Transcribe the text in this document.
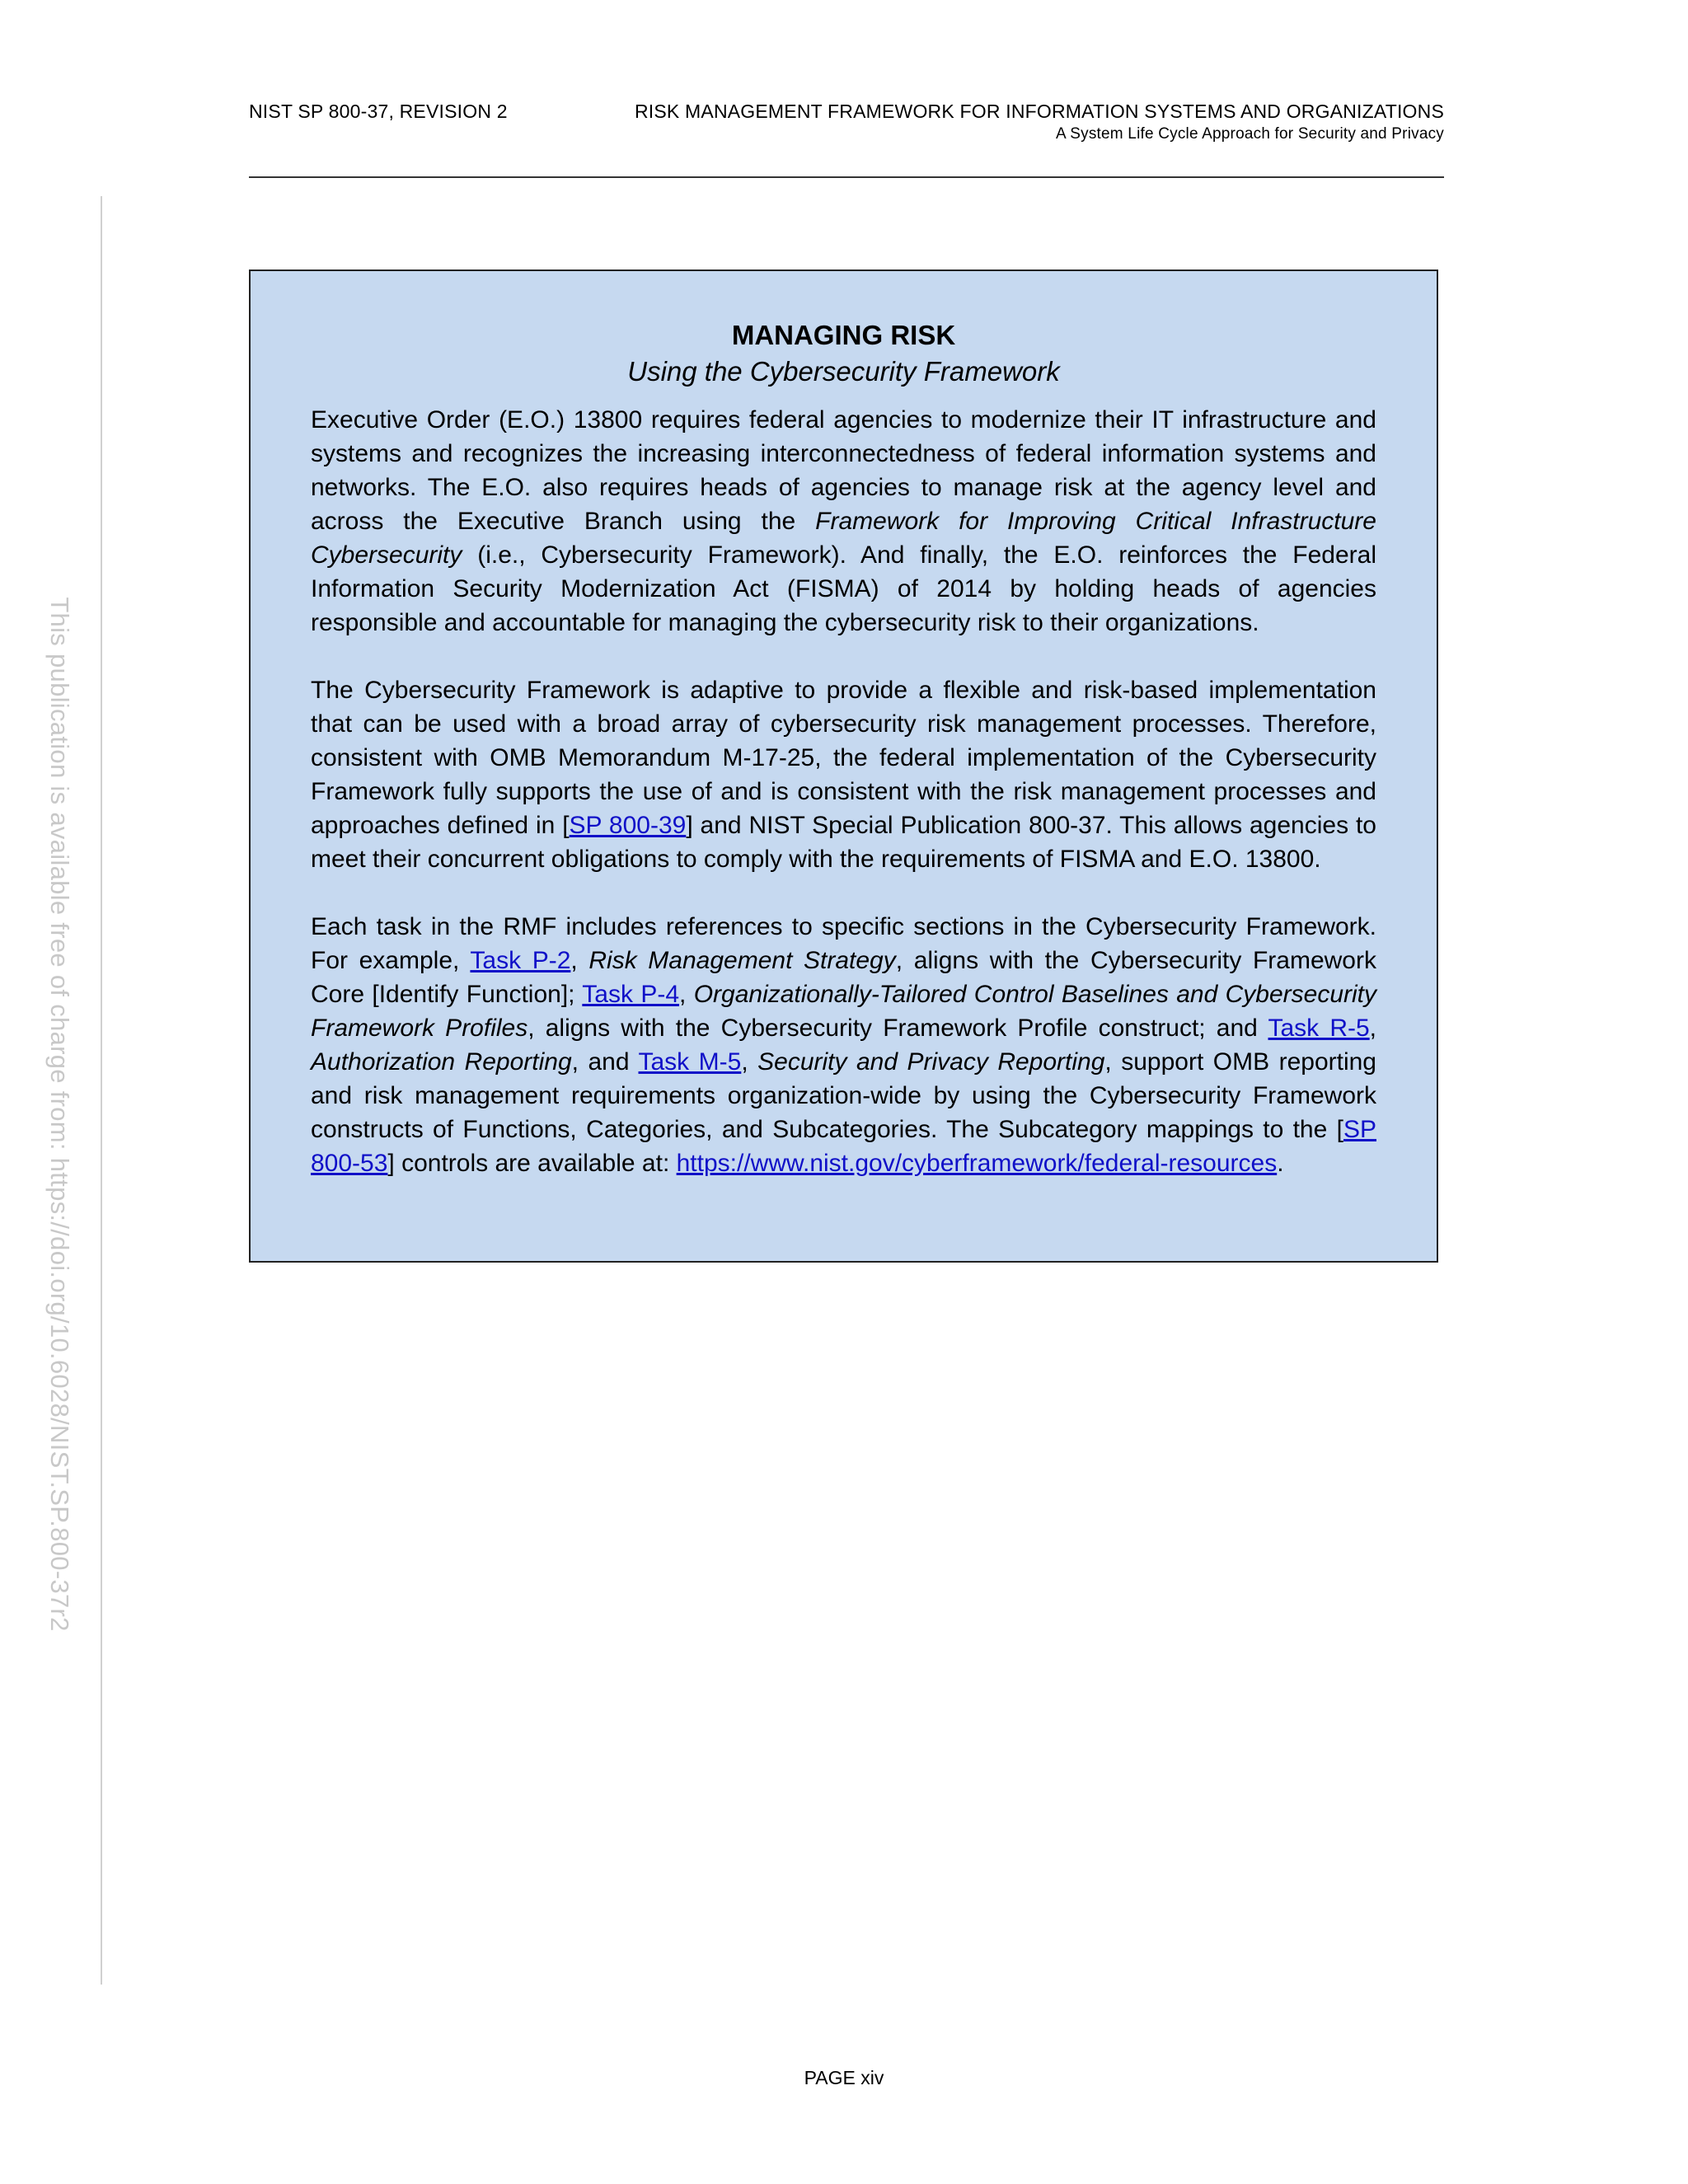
NIST SP 800-37, REVISION 2	RISK MANAGEMENT FRAMEWORK FOR INFORMATION SYSTEMS AND ORGANIZATIONS
A System Life Cycle Approach for Security and Privacy
This publication is available free of charge from: https://doi.org/10.6028/NIST.SP.800-37r2

MANAGING RISK

Using the Cybersecurity Framework

Executive Order (E.O.) 13800 requires federal agencies to modernize their IT infrastructure and systems and recognizes the increasing interconnectedness of federal information systems and networks. The E.O. also requires heads of agencies to manage risk at the agency level and across the Executive Branch using the Framework for Improving Critical Infrastructure Cybersecurity (i.e., Cybersecurity Framework). And finally, the E.O. reinforces the Federal Information Security Modernization Act (FISMA) of 2014 by holding heads of agencies responsible and accountable for managing the cybersecurity risk to their organizations.

The Cybersecurity Framework is adaptive to provide a flexible and risk-based implementation that can be used with a broad array of cybersecurity risk management processes. Therefore, consistent with OMB Memorandum M-17-25, the federal implementation of the Cybersecurity Framework fully supports the use of and is consistent with the risk management processes and approaches defined in [SP 800-39] and NIST Special Publication 800-37. This allows agencies to meet their concurrent obligations to comply with the requirements of FISMA and E.O. 13800.

Each task in the RMF includes references to specific sections in the Cybersecurity Framework. For example, Task P-2, Risk Management Strategy, aligns with the Cybersecurity Framework Core [Identify Function]; Task P-4, Organizationally-Tailored Control Baselines and Cybersecurity Framework Profiles, aligns with the Cybersecurity Framework Profile construct; and Task R-5, Authorization Reporting, and Task M-5, Security and Privacy Reporting, support OMB reporting and risk management requirements organization-wide by using the Cybersecurity Framework constructs of Functions, Categories, and Subcategories. The Subcategory mappings to the [SP 800-53] controls are available at: https://www.nist.gov/cyberframework/federal-resources.

PAGE xiv
